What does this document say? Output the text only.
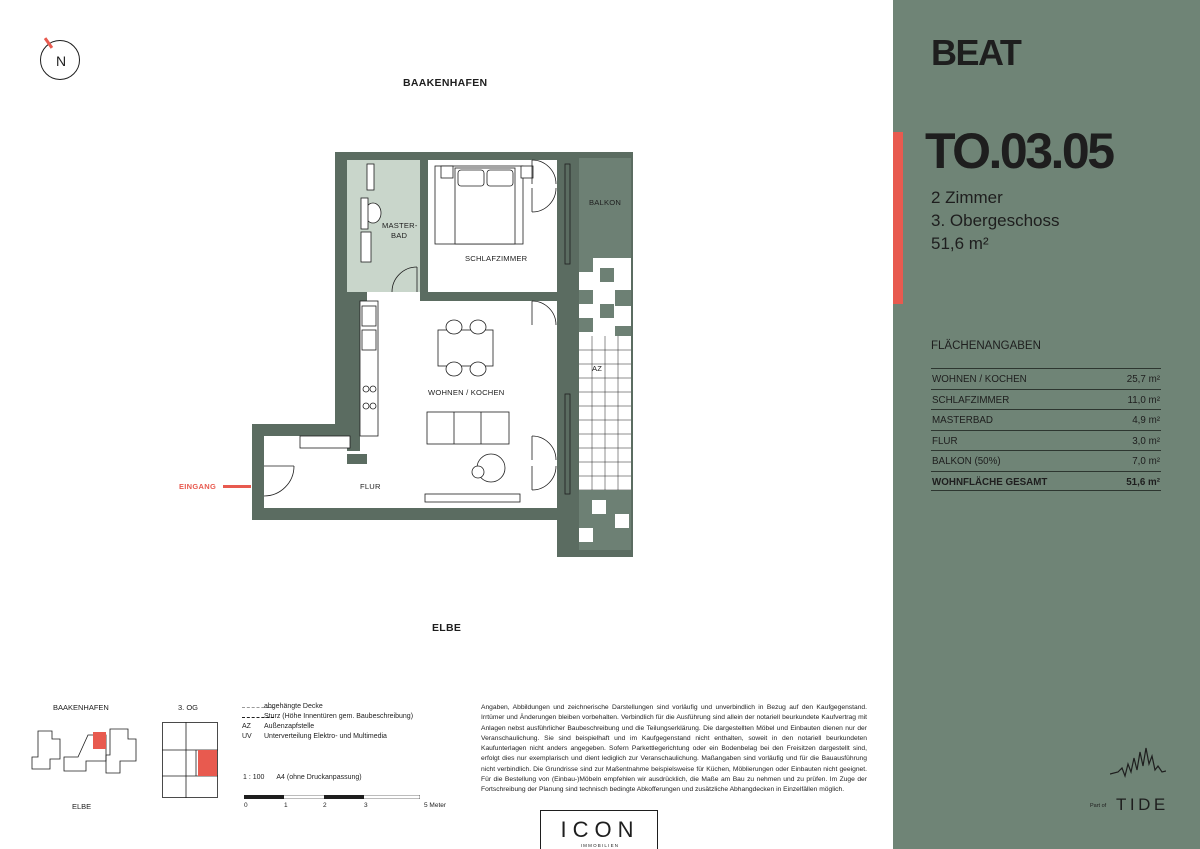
N
BAAKENHAFEN
ELBE
EINGANG
MASTER-
BAD
SCHLAFZIMMER
BALKON
WOHNEN / KOCHEN
AZ
FLUR
BAAKENHAFEN
ELBE
3. OG	abgehängte Decke
Sturz (Höhe Innentüren gem. Baubeschreibung)
AZ	Außenzapfstelle
UV	Unterverteilung Elektro- und Multimedia
1 : 100 A4 (ohne Druckanpassung)
0	1	2	3	5 Meter
Angaben, Abbildungen und zeichnerische Darstellungen sind vorläufig und unverbindlich in Bezug auf den Kaufgegenstand. Irrtümer und Änderungen bleiben vorbehalten. Verbindlich für die Ausführung sind allein der notariell beurkundete Kaufvertrag mit Anlagen nebst ausführlicher Baubeschreibung und die Teilungserklärung. Die dargestellten Möbel und Einbauten dienen nur der Veranschaulichung. Sie sind beispielhaft und im Kaufgegenstand nicht enthalten, soweit in den notariell beurkundeten Kaufunterlagen nicht anders angegeben. Sofern Parkettlegerichtung oder ein Bodenbelag bei den Freisitzen dargestellt sind, erfolgt dies nur exemplarisch und dient lediglich zur Veranschaulichung. Maßangaben sind vorläufig und für die Bauausführung nicht verbindlich. Die Grundrisse sind zur Maßentnahme beispielsweise für Küchen, Möblierungen oder Einbauten nicht geeignet. Für die Bestellung von (Einbau-)Möbeln empfehlen wir ausdrücklich, die Maße am Bau zu nehmen und zu prüfen. Im Zuge der Fortschreibung der Planung sind technisch bedingte Abkofferungen und zusätzliche Abhangdecken in Einzelfällen möglich.
ICON
IMMOBILIEN
BEAT
TO.03.05
2 Zimmer
3. Obergeschoss
51,6 m²
FLÄCHENANGABEN
WOHNEN / KOCHEN	25,7 m²
SCHLAFZIMMER	11,0 m²
MASTERBAD	4,9 m²
FLUR	3,0 m²
BALKON (50%)	7,0 m²
WOHNFLÄCHE GESAMT	51,6 m²
Part of TIDE
